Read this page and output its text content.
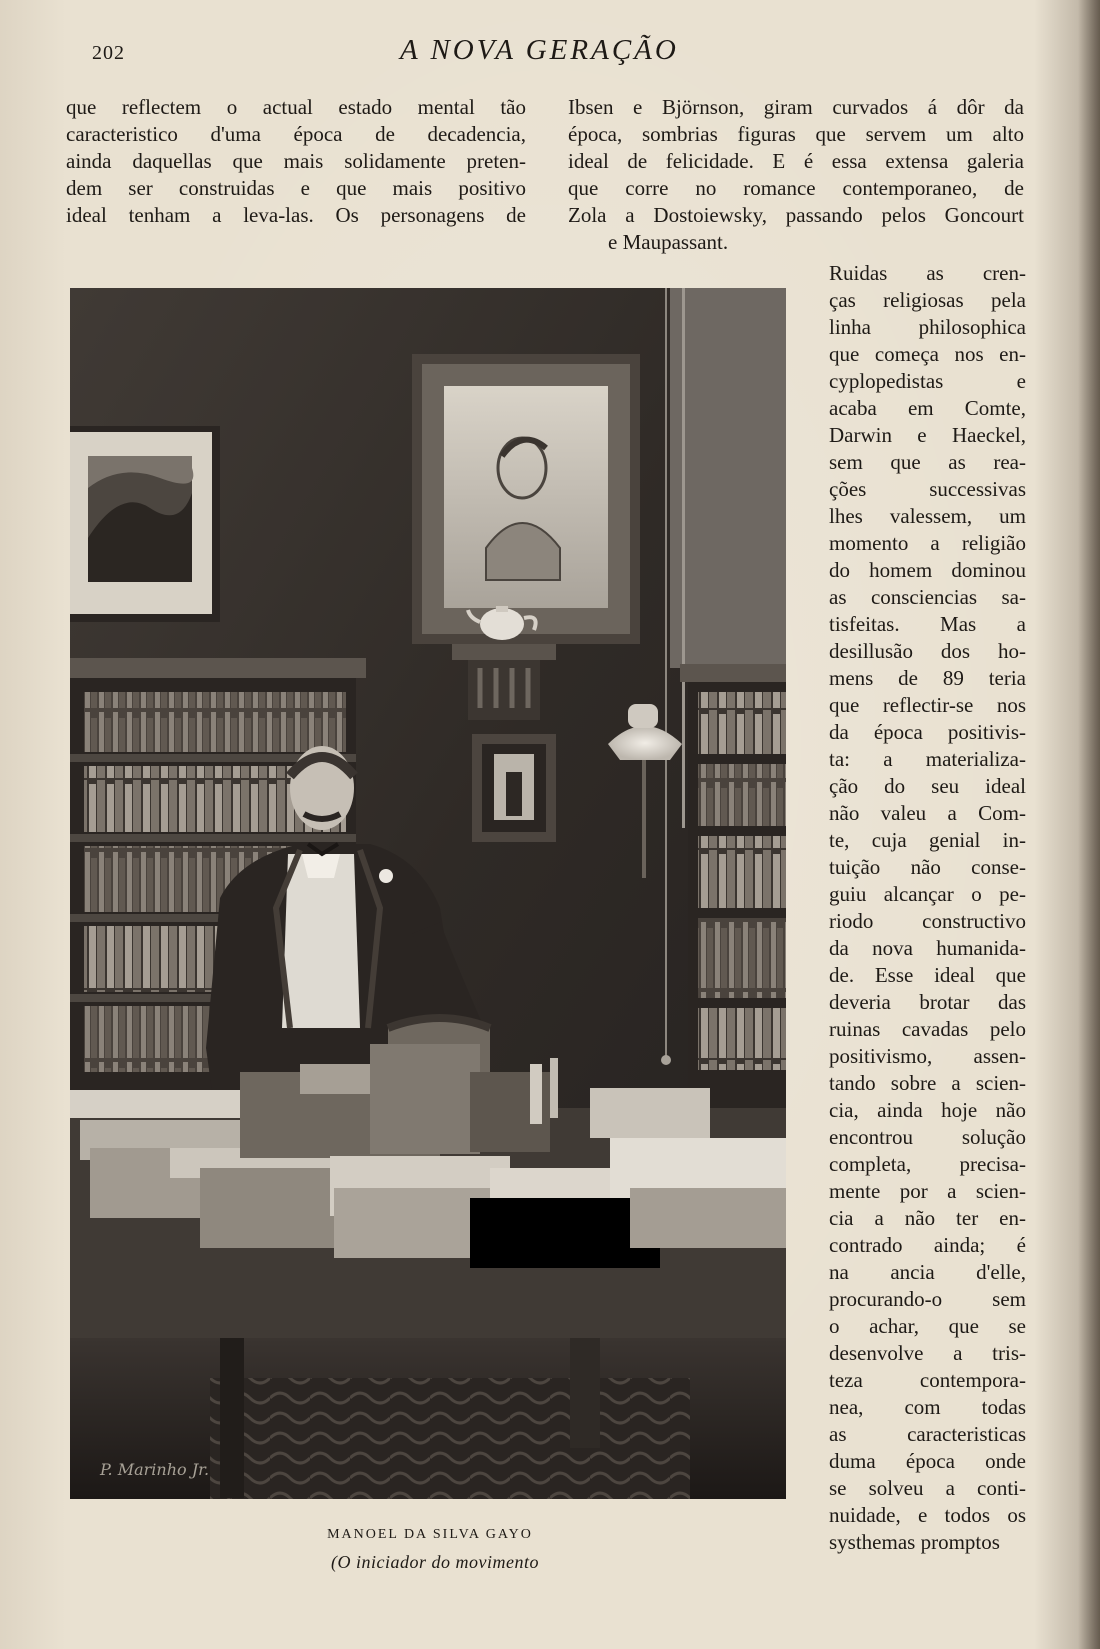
202	A NOVA GERAÇÃO
que reflectem o actual estado mental tão
caracteristico d'uma época de decadencia,
ainda daquellas que mais solidamente preten-
dem ser construidas e que mais positivo
ideal tenham a leva-las. Os personagens de
Ibsen e Björnson, giram curvados á dôr da
época, sombrias figuras que servem um alto
ideal de felicidade. E é essa extensa galeria
que corre no romance contemporaneo, de
Zola a Dostoiewsky, passando pelos Goncourt
e Maupassant.
Ruidas as cren-
ças religiosas pela
linha philosophica
que começa nos en-
cyplopedistas e
acaba em Comte,
Darwin e Haeckel,
sem que as rea-
ções successivas
lhes valessem, um
momento a religião
do homem dominou
as consciencias sa-
tisfeitas. Mas a
desillusão dos ho-
mens de 89 teria
que reflectir-se nos
da época positivis-
ta: a materializa-
ção do seu ideal
não valeu a Com-
te, cuja genial in-
tuição não conse-
guiu alcançar o pe-
riodo constructivo
da nova humanida-
de. Esse ideal que
deveria brotar das
ruinas cavadas pelo
positivismo, assen-
tando sobre a scien-
cia, ainda hoje não
encontrou solução
completa, precisa-
mente por a scien-
cia a não ter en-
contrado ainda; é
na ancia d'elle,
procurando-o sem
o achar, que se
desenvolve a tris-
teza contempora-
nea, com todas
as caracteristicas
duma época onde
se solveu a conti-
nuidade, e todos os
systhemas promptos
P. Marinho Jr.
MANOEL DA SILVA GAYO
(O iniciador do movimento
